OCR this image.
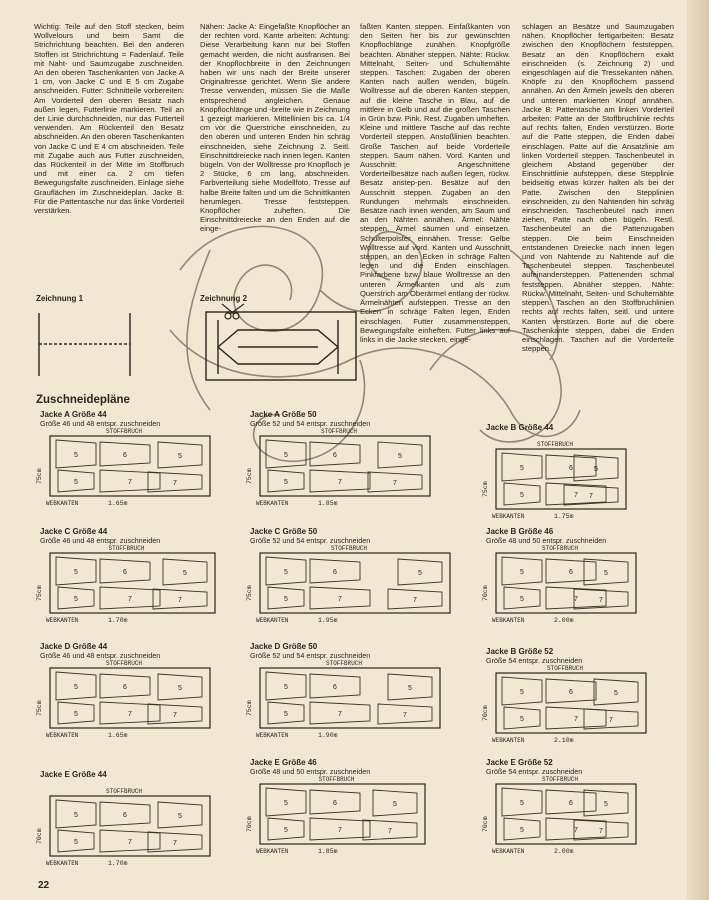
Wichtig: Teile auf den Stoff stecken, beim Wollvelours und beim Samt die Strichrichtung beachten. Bei den anderen Stoffen ist Strichrichtung = Fadenlauf. Teile mit Naht- und Saumzugabe zuschneiden. An den oberen Taschenkanten von Jacke A 1 cm, von Jacke C und E 5 cm Zugabe anschneiden. Futter: Schnitteile vorbereiten: Am Vorderteil den oberen Besatz nach außen legen, Futterlinie markieren. Teil an der Linie durchschneiden, nur das Futterteil verwenden. Am Rückenteil den Besatz abschneiden. An den oberen Taschenkanten von Jacke C und E 4 cm abschneiden. Teile mit Zugabe auch aus Futter zuschneiden, das Rückenteil in der Mitte im Stoffbruch und mit einer ca. 2 cm tiefen Bewegungsfalte zuschneiden. Einlage siehe Grauflächen im Zuschneideplan. Jacke B: Für die Pattentasche nur das linke Vorderteil verstärken.

Nähen: Jacke A: Eingefaßte Knopflöcher an der rechten vord. Kante arbeiten: Achtung: Diese Verarbeitung kann nur bei Stoffen gemacht werden, die nicht ausfransen. Bei der Knopflochbreite in den Zeichnungen haben wir uns nach der Breite unserer Originaltresse gerichtet. Wenn Sie andere Tresse verwenden, müssen Sie die Maße entsprechend angleichen. Genaue Knopflochlänge und -breite wie in Zeichnung 1 gezeigt markieren. Mittellinien bis ca. 1/4 cm vor die Querstriche einschneiden, zu den oberen und unteren Enden hin schräg einschneiden, siehe Zeichnung 2. Seitl. Einschnittdreiecke nach innen legen. Kanten bügeln. Von der Wolltresse pro Knopfloch je 2 Stücke, 6 cm lang, abschneiden. Farbverteilung siehe Modellfoto. Tresse auf halbe Breite falten und um die Schnittkanten herumlegen. Tresse feststeppen. Knopflöcher zuheften. Die Einschnittdreiecke an den Enden auf die einge-

faßten Kanten steppen. Einfaßkanten von den Seiten her bis zur gewünschten Knopflochlänge zunähen. Knopfgröße beachten. Abnäher steppen. Nähte: Rückw. Mittelnaht, Seiten- und Schulternähte steppen. Taschen: Zugaben der oberen Kanten nach außen wenden, bügeln. Wolltresse auf die oberen Kanten steppen, auf die kleine Tasche in Blau, auf die mittlere in Gelb und auf die großen Taschen in Grün bzw. Pink. Rest. Zugaben umheften. Kleine und mittlere Tasche auf das rechte Vorderteil steppen. Anstoßlinien beachten. Große Taschen auf beide Vorderteile steppen. Saum nähen. Vord. Kanten und Ausschnitt: Angeschnittene Vorderteilbesätze nach außen legen, rückw. Besatz anstep-pen. Besätze auf den Ausschnitt steppen. Zugaben an den Rundungen mehrmals einschneiden. Besätze nach innen wenden, am Saum und an den Nähten annähen. Ärmel: Nähte steppen. Ärmel säumen und einsetzen. Schulterpolster einnähen. Tresse: Gelbe Wolltresse auf vord. Kanten und Ausschnitt steppen, an den Ecken in schräge Falten legen und die Enden einschlagen. Pinkfarbene bzw. blaue Wolltresse an den unteren Ärmelkanten und als zum Querstrich am Oberärmel entlang der rückw. Ärmelnähten aufsteppen. Tresse an den Ecken in schräge Falten legen, Enden einschlagen. Futter zusammensteppen, Bewegungsfalte einheften. Futter links auf links in die Jacke stecken, einge-

schlagen an Besätze und Saumzugaben nähen. Knopflöcher fertigarbeiten: Besatz zwischen den Knopflöchern feststeppen. Besatz an den Knopflöchern exakt einschneiden (s. Zeichnung 2) und eingeschlagen auf die Tressekanten nähen. Knöpfe zu den Knopflöchern passend annähen. An den Ärmeln jeweils den oberen und unteren markierten Knopf annähen. Jacke B: Pattentasche am linken Vorderteil arbeiten: Patte an der Stoffbruchlinie rechts auf rechts falten, Enden verstürzen. Borte auf die Patte steppen, die Enden dabei einschlagen. Patte auf die Ansatzlinie am linken Vorderteil steppen. Taschenbeutel in gleichem Abstand gegenüber der Einschnittlinie aufsteppen, diese Stepplinie beidseitig etwas kürzer halten als bei der Patte. Zwischen den Stepplinien einschneiden, zu den Nahtenden hin schräg einschneiden. Taschenbeutel nach innen ziehen, Patte nach oben bügeln. Restl. Taschenbeutel an die Pattenzugaben steppen. Die beim Einschneiden entstandenen Dreiecke nach innen legen und von Nahtende zu Nahtende auf die Taschenbeutel steppen. Taschenbeutel aufeinandersteppen. Pattenenden schmal feststeppen. Abnäher steppen. Nähte: Rückw. Mittelnaht, Seiten- und Schulternähte steppen. Taschen an den Stoffbruchlinien rechts auf rechts falten, seitl. und untere Kanten verstürzen. Borte auf die obere Taschenkante steppen, dabei die Enden einschlagen. Taschen auf die Vorderteile steppen.

Zeichnung 1	Zeichnung 2
Zuschneidepläne
Jacke A Größe 44
Größe 46 und 48 entspr. zuschneiden
STOFFBRUCH
75cm
WEBKANTEN	1.65m
5	6
5	7
5
7
Jacke A Größe 50
Größe 52 und 54 entspr. zuschneiden
STOFFBRUCH
75cm
WEBKANTEN	1.85m
5	6
5	7
5
7
Jacke B Größe 44
STOFFBRUCH
75cm
WEBKANTEN	1.75m
5	6
5	7
5
7
Jacke C Größe 44
Größe 46 und 48 entspr. zuschneiden
STOFFBRUCH
75cm
WEBKANTEN	1.70m
5	6
5	7
5
7
Jacke C Größe 50
Größe 52 und 54 entspr. zuschneiden
STOFFBRUCH
75cm
WEBKANTEN	1.95m
5	6
5	7
5
7
Jacke B Größe 46
Größe 48 und 50 entspr. zuschneiden
STOFFBRUCH
70cm
WEBKANTEN	2.00m
5	6
5	7
5
7
Jacke D Größe 44
Größe 46 und 48 entspr. zuschneiden
STOFFBRUCH
75cm
WEBKANTEN	1.65m
5	6
5	7
5
7
Jacke D Größe 50
Größe 52 und 54 entspr. zuschneiden
STOFFBRUCH
75cm
WEBKANTEN	1.90m
5	6
5	7
5
7
Jacke B Größe 52
Größe 54 entspr. zuschneiden
STOFFBRUCH
70cm
WEBKANTEN	2.10m
5	6
5	7
5
7
Jacke E Größe 44
STOFFBRUCH
70cm
WEBKANTEN	1.70m
5	6
5	7
5
7
Jacke E Größe 46
Größe 48 und 50 entspr. zuschneiden
STOFFBRUCH
70cm
WEBKANTEN	1.85m
5	6
5	7
5
7
Jacke E Größe 52
Größe 54 entspr. zuschneiden
STOFFBRUCH
70cm
WEBKANTEN	2.00m
5	6
5	7
5
7
22
